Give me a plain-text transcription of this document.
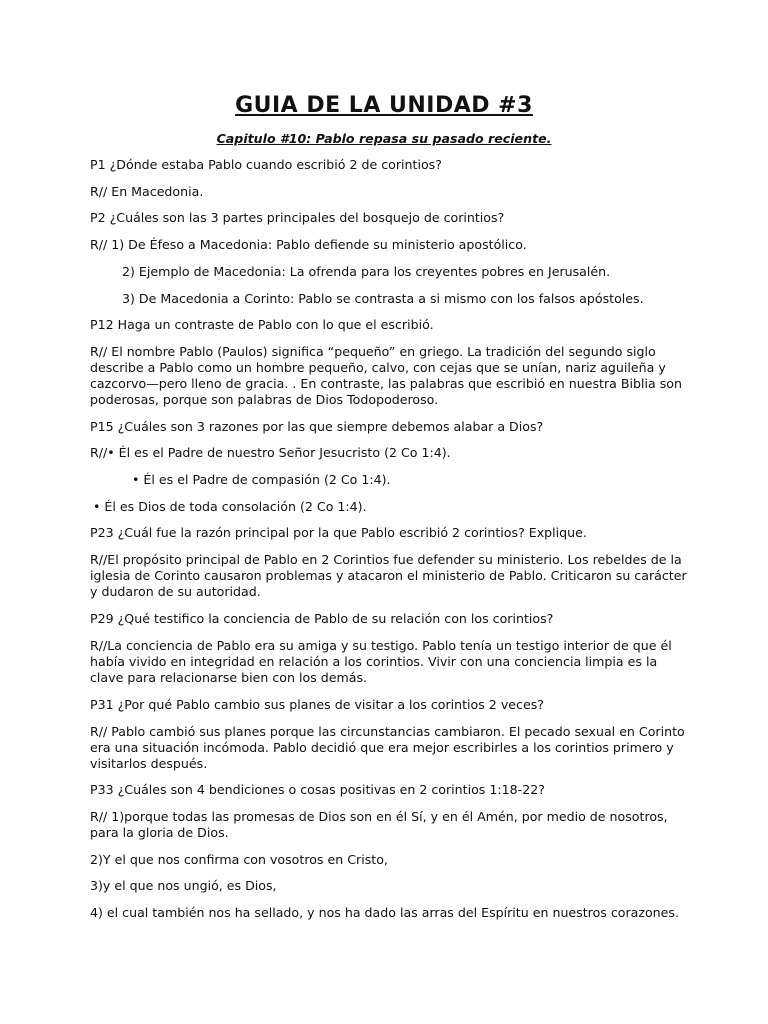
GUIA DE LA UNIDAD #3
Capitulo #10: Pablo repasa su pasado reciente.

P1 ¿Dónde estaba Pablo cuando escribió 2 de corintios?

R// En Macedonia.

P2 ¿Cuáles son las 3 partes principales del bosquejo de corintios?

R// 1) De Éfeso a Macedonia: Pablo defiende su ministerio apostólico.

2) Ejemplo de Macedonia: La ofrenda para los creyentes pobres en Jerusalén.

3) De Macedonia a Corinto: Pablo se contrasta a si mismo con los falsos apóstoles.

P12 Haga un contraste de Pablo con lo que el escribió.

R// El nombre Pablo (Paulos) significa “pequeño” en griego. La tradición del segundo siglo describe a Pablo como un hombre pequeño, calvo, con cejas que se unían, nariz aguileña y cazcorvo—pero lleno de gracia. . En contraste, las palabras que escribió en nuestra Biblia son poderosas, porque son palabras de Dios Todopoderoso.

P15 ¿Cuáles son 3 razones por las que siempre debemos alabar a Dios?

R//• Él es el Padre de nuestro Señor Jesucristo (2 Co 1:4).

• Él es el Padre de compasión (2 Co 1:4).

• Él es Dios de toda consolación (2 Co 1:4).

P23 ¿Cuál fue la razón principal por la que Pablo escribió 2 corintios? Explique.

R//El propósito principal de Pablo en 2 Corintios fue defender su ministerio. Los rebeldes de la iglesia de Corinto causaron problemas y atacaron el ministerio de Pablo. Criticaron su carácter y dudaron de su autoridad.

P29 ¿Qué testifico la conciencia de Pablo de su relación con los corintios?

R//La conciencia de Pablo era su amiga y su testigo. Pablo tenía un testigo interior de que él había vivido en integridad en relación a los corintios. Vivir con una conciencia limpia es la clave para relacionarse bien con los demás.

P31 ¿Por qué Pablo cambio sus planes de visitar a los corintios 2 veces?

R// Pablo cambió sus planes porque las circunstancias cambiaron. El pecado sexual en Corinto era una situación incómoda. Pablo decidió que era mejor escribirles a los corintios primero y visitarlos después.

P33 ¿Cuáles son 4 bendiciones o cosas positivas en 2 corintios 1:18-22?

R// 1)porque todas las promesas de Dios son en él Sí, y en él Amén, por medio de nosotros, para la gloria de Dios.

2)Y el que nos confirma con vosotros en Cristo,

3)y el que nos ungió, es Dios,

4) el cual también nos ha sellado, y nos ha dado las arras del Espíritu en nuestros corazones.
